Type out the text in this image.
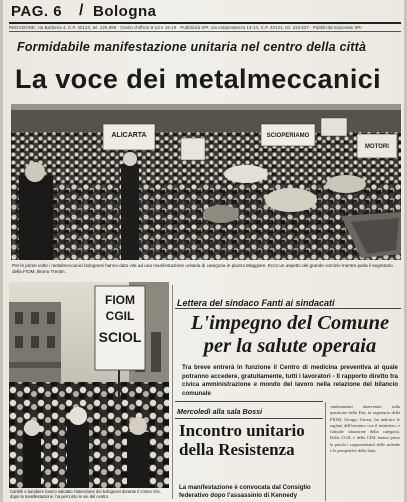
PAG. 6 / Bologna
REDAZIONE: via Barberia 4, C.P. 40123, tel. 226.859 · Orario d'ufficio 9-13 e 15-19 · Pubblicità SPI, via Indipendenza 13-14, C.P. 40121, tel. 233.627 · Pubblicità nazionale SPI
Formidabile manifestazione unitaria nel centro della città
La voce dei metalmeccanici
ALICARTA	SCIOPERIAMO
MOTORI
Per le prime volte i metalmeccanici bolognesi hanno dato vita ad una manifestazione unitaria di categoria in piazza Maggiore. Ecco un aspetto del grande comizio mentre parla il segretario della FIOM, Bruno Trentin.
FIOM
CGIL
SCIOL
Cartelli e bandiere hanno salutato l'attenzione dei bolognesi durante il corteo che, dopo la manifestazione, ha percorso le vie del centro.
Lettera del sindaco Fanti ai sindacati
L'impegno del Comune
per la salute operaia
Tra breve entrerà in funzione il Centro di medicina preventiva al quale potranno accedere, gratuitamente, tutti i lavoratori - Il rapporto diretto tra civica amministrazione e mondo del lavoro nella relazione del bilancio comunale
Mercoledì alla sala Bossi
Incontro unitario
della Resistenza
La manifestazione è convocata dal Consiglio federativo dopo l'assassinio di Kennedy
cambiamenti intervenuti sulla questione della Fiat, la segretaria della FIOM, Giorgio Grossi, ha indicato le ragioni dell'incontro con il ministero, e l'attuale situazione della categoria. Della CGIL e della CISL hanno preso la parola i rappresentanti delle aziende e le prospettive della lotta.
